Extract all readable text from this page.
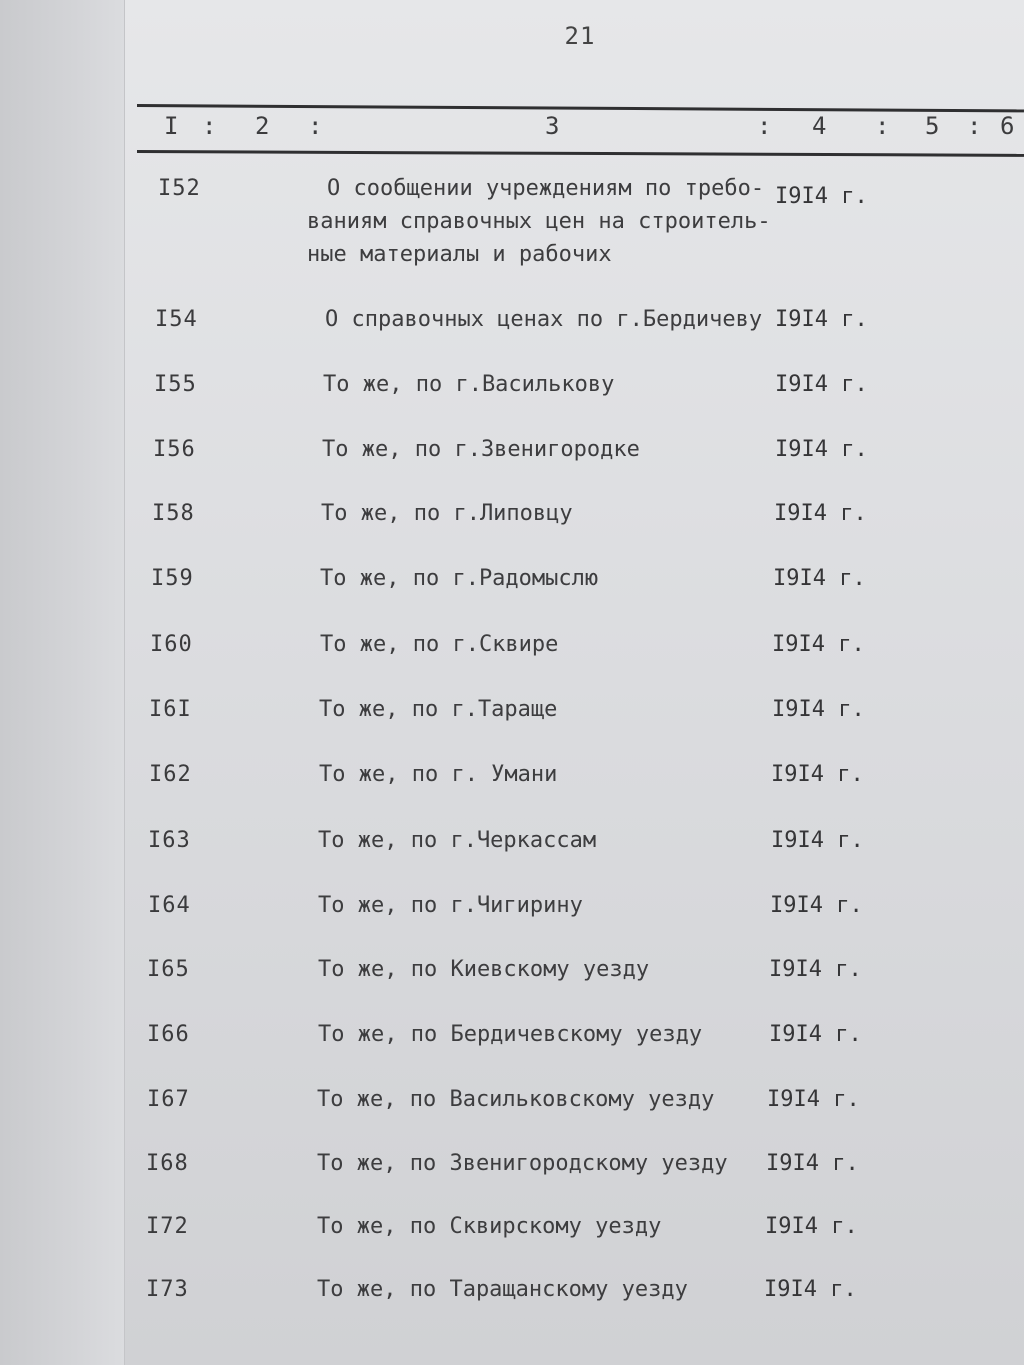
21
I : 2 :	3	: 4 : 5 : 6
I52	О сообщении учреждениям по требо-
ваниям справочных цен на строитель-
ные материалы и рабочих
I9I4 г.
I54	О справочных ценах по г.Бердичеву I9I4 г.
I55	То же, по г.Василькову	I9I4 г.
I56	То же, по г.Звенигородке	I9I4 г.
I58	То же, по г.Липовцу	I9I4 г.
I59	То же, по г.Радомыслю	I9I4 г.
I60	То же, по г.Сквире	I9I4 г.
I6I	То же, по г.Таращe	I9I4 г.
I62	То же, по г. Умани	I9I4 г.
I63	То же, по г.Черкассам	I9I4 г.
I64	То же, по г.Чигирину	I9I4 г.
I65	То же, по Киевскому уезду	I9I4 г.
I66	То же, по Бердичевскому уезду	I9I4 г.
I67	То же, по Васильковскому уезду I9I4 г.
I68	То же, по Звенигородскому уезду I9I4 г.
I72	То же, по Сквирскому уезду	I9I4 г.
I73	То же, по Таращанскому уезду	I9I4 г.
